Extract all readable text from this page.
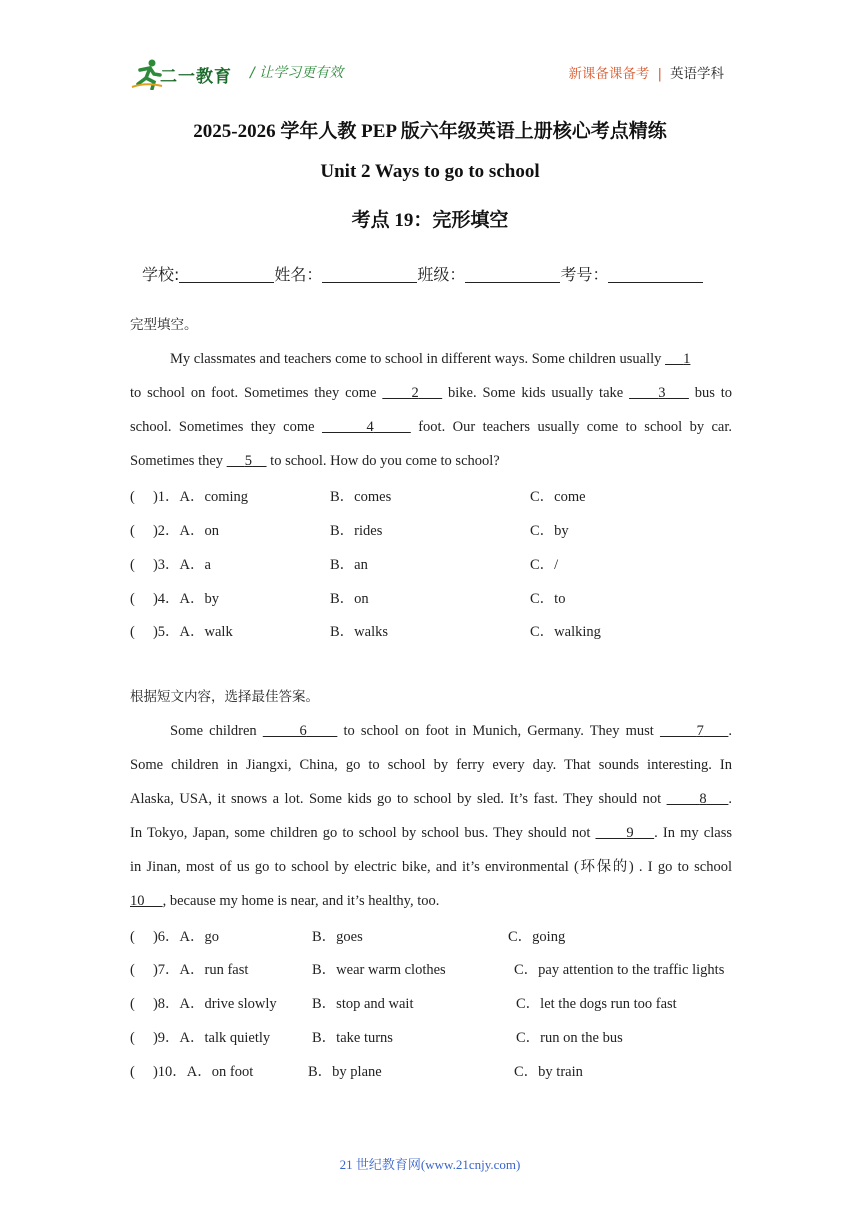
二一教育 / 让学习更有效	新课备课备考 | 英语学科
2025-2026 学年人教 PEP 版六年级英语上册核心考点精练
Unit 2 Ways to go to school
考点 19：完形填空
学校:	姓名：	班级：	考号：
完型填空。
My classmates and teachers come to school in different ways. Some children usually 1
to school on foot. Sometimes they come 2 bike. Some kids usually take 3 bus to
school. Sometimes they come	4	foot. Our teachers usually come to school by car.
Sometimes they 5 to school. How do you come to school?
(　 )1．A．coming	B．comes	C．come
(　 )2．A．on	B．rides	C．by
(　 )3．A．a	B．an	C．/
(　 )4．A．by	B．on	C．to
(　 )5．A．walk	B．walks	C．walking
根据短文内容，选择最佳答案。
Some children	6	to school on foot in Munich, Germany. They must	7 .
Some children in Jiangxi, China, go to school by ferry every day. That sounds interesting. In
Alaska, USA, it snows a lot. Some kids go to school by sled. It’s fast. They should not	8 .
In Tokyo, Japan, some children go to school by school bus. They should not 9 . In my class
in Jinan, most of us go to school by electric bike, and it’s environmental (环保的) . I go to school
10 , because my home is near, and it’s healthy, too.
(　 )6．A．go	B．goes	C．going
(　 )7．A．run fast	B．wear warm clothes	C．pay attention to the traffic lights
(　 )8．A．drive slowly B．stop and wait	C．let the dogs run too fast
(　 )9．A．talk quietly	B．take turns	C．run on the bus
(　 )10．A．on foot	B．by plane	C．by train
21 世纪教育网(www.21cnjy.com)
